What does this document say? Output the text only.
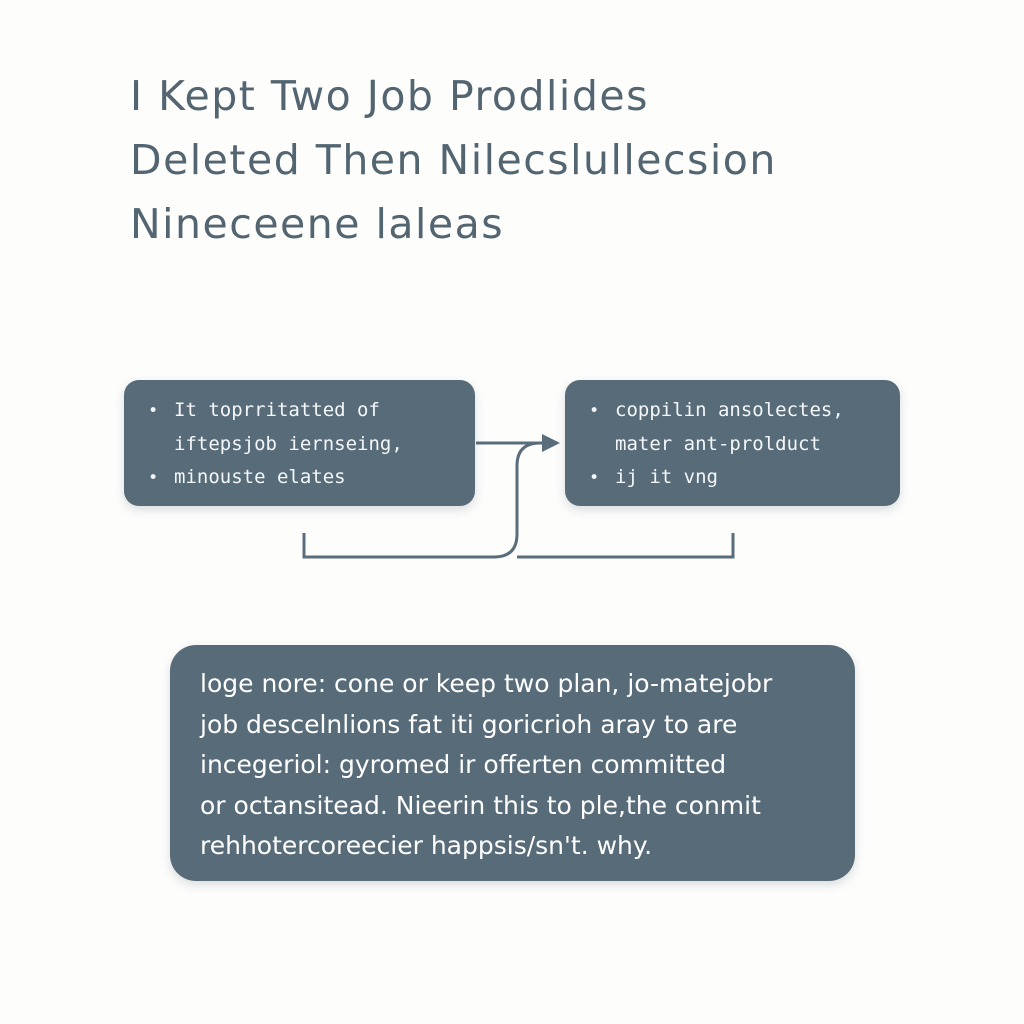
I Kept Two Job Prodlides
Deleted Then Nilecslullecsion
Nineceene laleas
• It toprritatted of
iftepsjob iernseing,
• minouste elates
• coppilin ansolectes,
mater ant-prolduct
• ij it vng
loge nore: cone or keep two plan, jo-matejobr
job descelnlions fat iti goricrioh aray to are
incegeriol: gyromed ir offerten committed
or octansitead. Nieerin this to ple,the conmit
rehhotercoreecier happsis/sn't. why.
